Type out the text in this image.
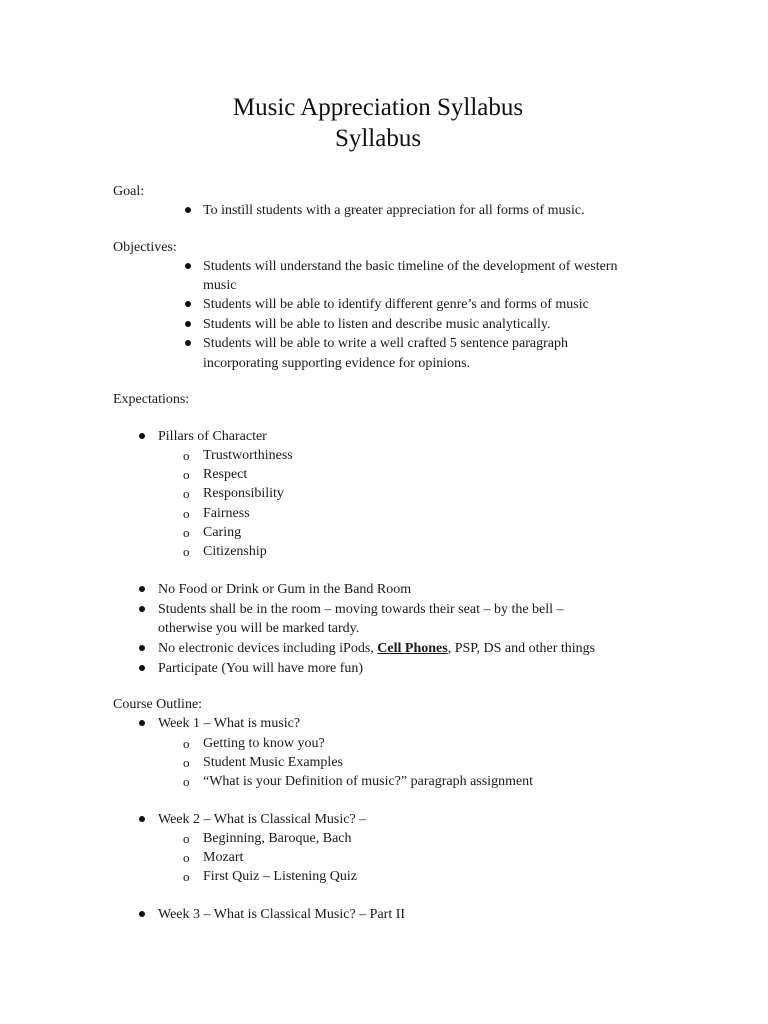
Music Appreciation Syllabus
Syllabus
Goal:
To instill students with a greater appreciation for all forms of music.
Objectives:
Students will understand the basic timeline of the development of western
music
Students will be able to identify different genre’s and forms of music
Students will be able to listen and describe music analytically.
Students will be able to write a well crafted 5 sentence paragraph
incorporating supporting evidence for opinions.
Expectations:
Pillars of Character
o Trustworthiness
o Respect
o Responsibility
o Fairness
o Caring
o Citizenship
No Food or Drink or Gum in the Band Room
Students shall be in the room – moving towards their seat – by the bell –
otherwise you will be marked tardy.
No electronic devices including iPods, Cell Phones, PSP, DS and other things
Participate (You will have more fun)
Course Outline:
Week 1 – What is music?
o Getting to know you?
o Student Music Examples
o “What is your Definition of music?” paragraph assignment
Week 2 – What is Classical Music? –
o Beginning, Baroque, Bach
o Mozart
o First Quiz – Listening Quiz
Week 3 – What is Classical Music? – Part II
